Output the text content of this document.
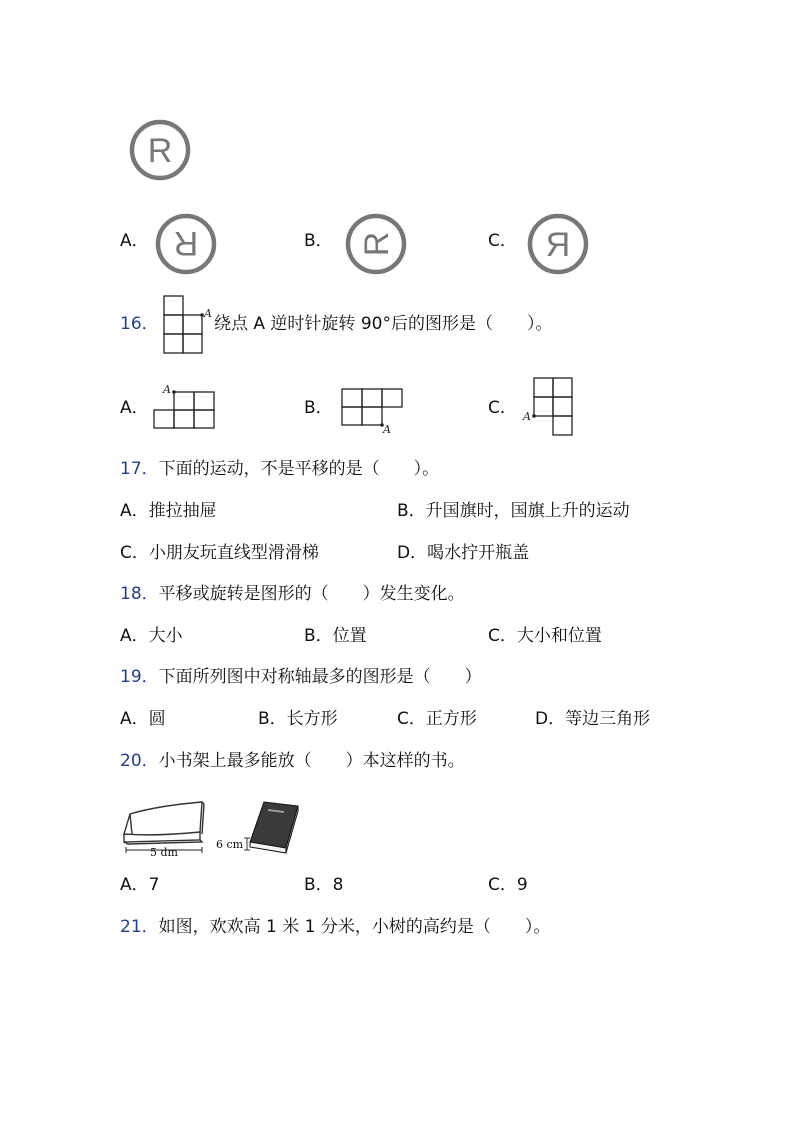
R
A． R	B． R	C． R
16．
A
绕点 A 逆时针旋转 90°后的图形是（　　）。
A．
A
B．
A
C． A
17．下面的运动，不是平移的是（　　）。
A．推拉抽屉	B．升国旗时，国旗上升的运动
C．小朋友玩直线型滑滑梯	D．喝水拧开瓶盖
18．平移或旋转是图形的（　　）发生变化。
A．大小	B．位置	C．大小和位置
19．下面所列图中对称轴最多的图形是（　　）
A．圆	B．长方形	C．正方形	D．等边三角形
20．小书架上最多能放（　　）本这样的书。
5 dm
6 cm
A．7	B．8	C．9
21．如图，欢欢高 1 米 1 分米，小树的高约是（　　）。
